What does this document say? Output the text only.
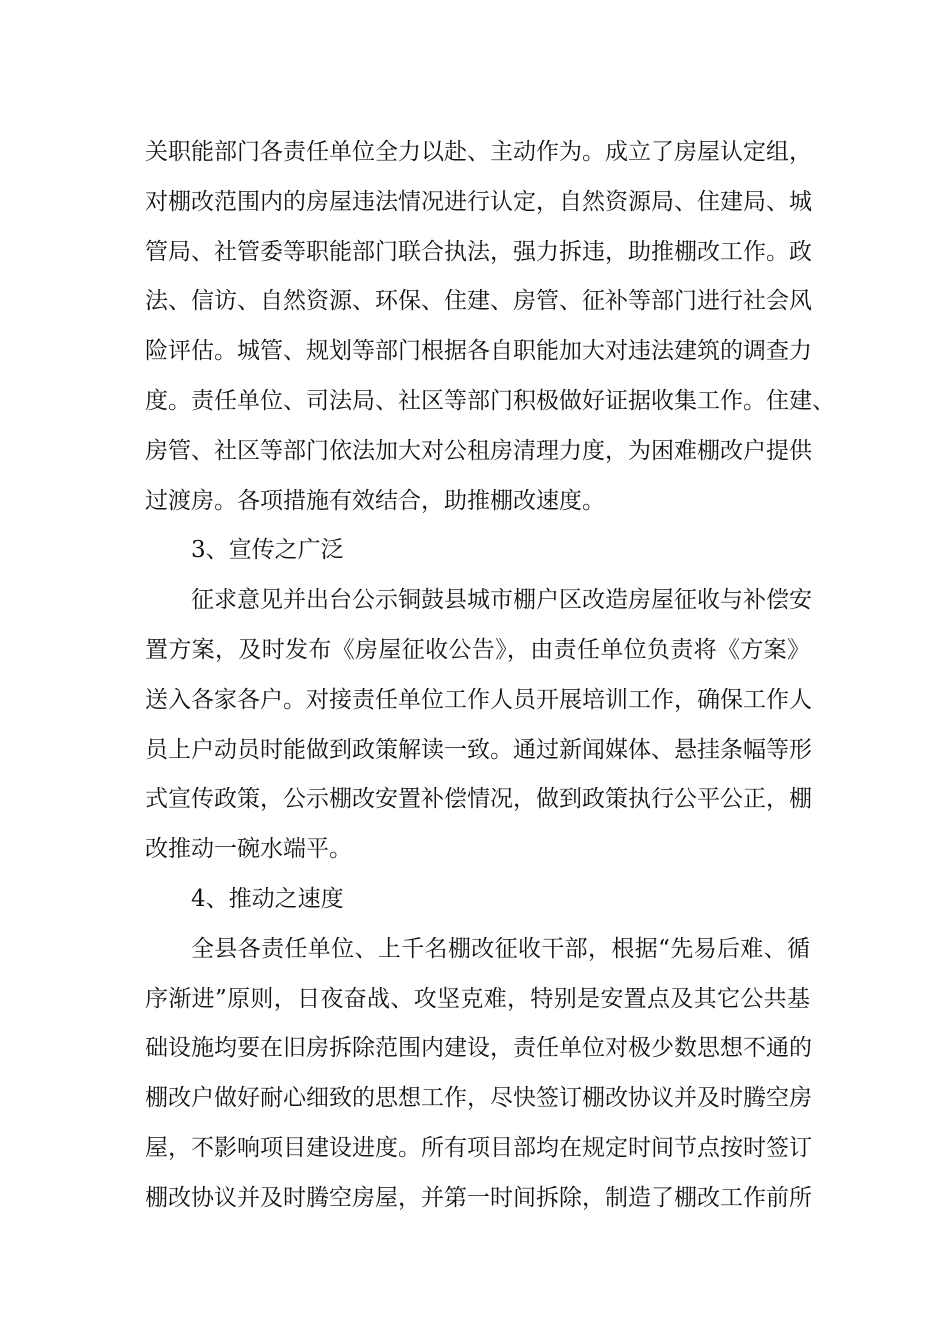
关职能部门各责任单位全力以赴、主动作为。成立了房屋认定组，
对棚改范围内的房屋违法情况进行认定，自然资源局、住建局、城
管局、社管委等职能部门联合执法，强力拆违，助推棚改工作。政
法、信访、自然资源、环保、住建、房管、征补等部门进行社会风
险评估。城管、规划等部门根据各自职能加大对违法建筑的调查力
度。责任单位、司法局、社区等部门积极做好证据收集工作。住建、
房管、社区等部门依法加大对公租房清理力度，为困难棚改户提供
过渡房。各项措施有效结合，助推棚改速度。
3、宣传之广泛
征求意见并出台公示铜鼓县城市棚户区改造房屋征收与补偿安
置方案，及时发布《房屋征收公告》，由责任单位负责将《方案》
送入各家各户。对接责任单位工作人员开展培训工作，确保工作人
员上户动员时能做到政策解读一致。通过新闻媒体、悬挂条幅等形
式宣传政策，公示棚改安置补偿情况，做到政策执行公平公正，棚
改推动一碗水端平。
4、推动之速度
全县各责任单位、上千名棚改征收干部，根据“先易后难、循
序渐进”原则，日夜奋战、攻坚克难，特别是安置点及其它公共基
础设施均要在旧房拆除范围内建设，责任单位对极少数思想不通的
棚改户做好耐心细致的思想工作，尽快签订棚改协议并及时腾空房
屋，不影响项目建设进度。所有项目部均在规定时间节点按时签订
棚改协议并及时腾空房屋，并第一时间拆除，制造了棚改工作前所
